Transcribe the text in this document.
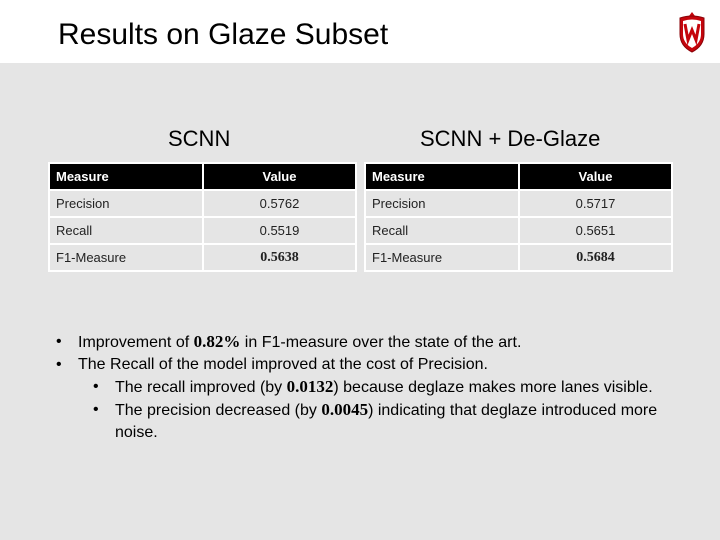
Results on Glaze Subset
SCNN	SCNN + De-Glaze
Measure	Value
Precision	0.5762
Recall	0.5519
F1-Measure	0.5638
Measure	Value
Precision	0.5717
Recall	0.5651
F1-Measure	0.5684
• Improvement of 0.82% in F1-measure over the state of the art.
• The Recall of the model improved at the cost of Precision.
• The recall improved (by 0.0132) because deglaze makes more lanes visible.
• The precision decreased (by 0.0045) indicating that deglaze introduced more noise.
